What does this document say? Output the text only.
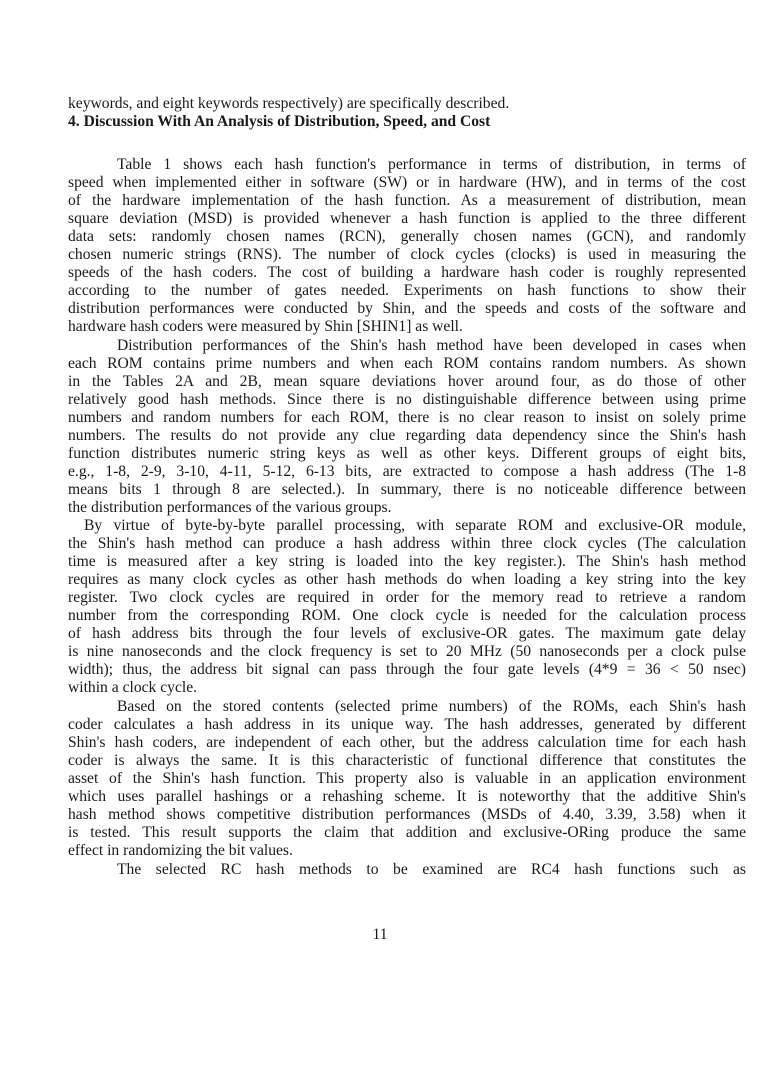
keywords, and eight keywords respectively) are specifically described.
4. Discussion With An Analysis of Distribution, Speed, and Cost
Table 1 shows each hash function's performance in terms of distribution, in terms of
speed when implemented either in software (SW) or in hardware (HW), and in terms of the cost
of the hardware implementation of the hash function. As a measurement of distribution, mean
square deviation (MSD) is provided whenever a hash function is applied to the three different
data sets: randomly chosen names (RCN), generally chosen names (GCN), and randomly
chosen numeric strings (RNS). The number of clock cycles (clocks) is used in measuring the
speeds of the hash coders. The cost of building a hardware hash coder is roughly represented
according to the number of gates needed. Experiments on hash functions to show their
distribution performances were conducted by Shin, and the speeds and costs of the software and
hardware hash coders were measured by Shin [SHIN1] as well.
Distribution performances of the Shin's hash method have been developed in cases when
each ROM contains prime numbers and when each ROM contains random numbers. As shown
in the Tables 2A and 2B, mean square deviations hover around four, as do those of other
relatively good hash methods. Since there is no distinguishable difference between using prime
numbers and random numbers for each ROM, there is no clear reason to insist on solely prime
numbers. The results do not provide any clue regarding data dependency since the Shin's hash
function distributes numeric string keys as well as other keys. Different groups of eight bits,
e.g., 1-8, 2-9, 3-10, 4-11, 5-12, 6-13 bits, are extracted to compose a hash address (The 1-8
means bits 1 through 8 are selected.). In summary, there is no noticeable difference between
the distribution performances of the various groups.
By virtue of byte-by-byte parallel processing, with separate ROM and exclusive-OR module,
the Shin's hash method can produce a hash address within three clock cycles (The calculation
time is measured after a key string is loaded into the key register.). The Shin's hash method
requires as many clock cycles as other hash methods do when loading a key string into the key
register. Two clock cycles are required in order for the memory read to retrieve a random
number from the corresponding ROM. One clock cycle is needed for the calculation process
of hash address bits through the four levels of exclusive-OR gates. The maximum gate delay
is nine nanoseconds and the clock frequency is set to 20 MHz (50 nanoseconds per a clock pulse
width); thus, the address bit signal can pass through the four gate levels (4*9 = 36 < 50 nsec)
within a clock cycle.
Based on the stored contents (selected prime numbers) of the ROMs, each Shin's hash
coder calculates a hash address in its unique way. The hash addresses, generated by different
Shin's hash coders, are independent of each other, but the address calculation time for each hash
coder is always the same. It is this characteristic of functional difference that constitutes the
asset of the Shin's hash function. This property also is valuable in an application environment
which uses parallel hashings or a rehashing scheme. It is noteworthy that the additive Shin's
hash method shows competitive distribution performances (MSDs of 4.40, 3.39, 3.58) when it
is tested. This result supports the claim that addition and exclusive-ORing produce the same
effect in randomizing the bit values.
The selected RC hash methods to be examined are RC4 hash functions such as
11
